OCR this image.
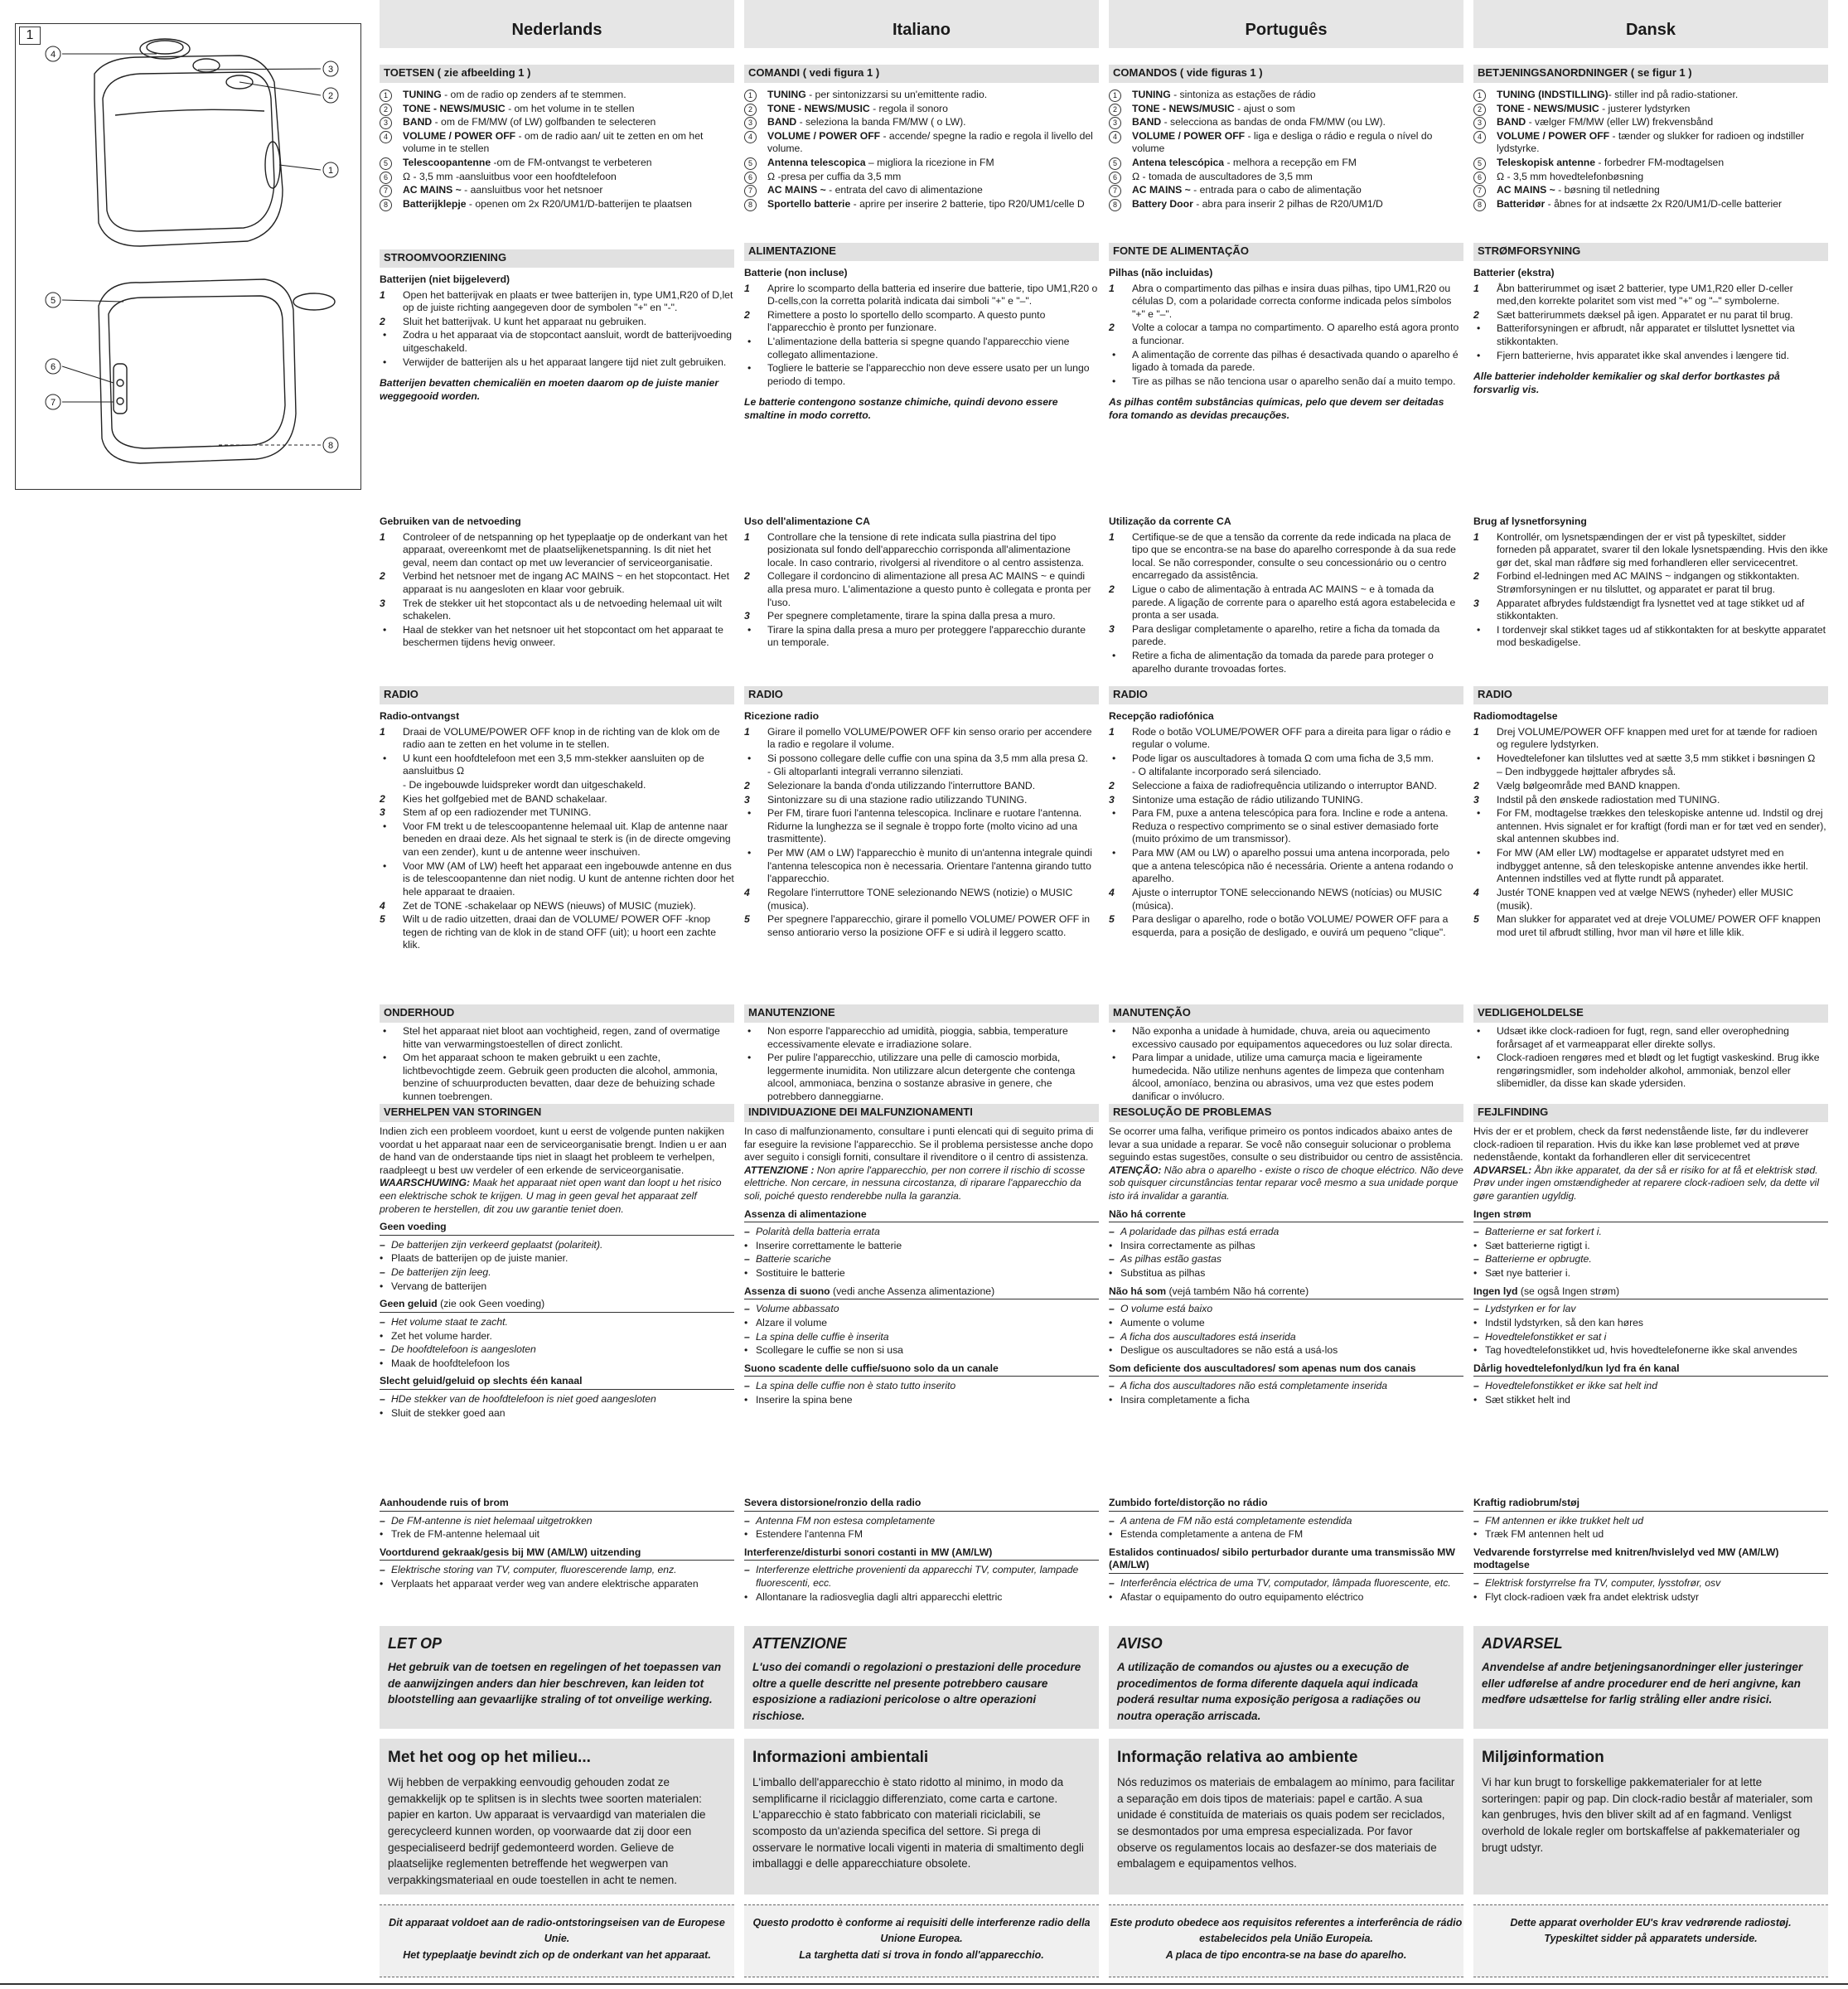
1
4
3
2
1
5
6
7
8
Nederlands
TOETSEN ( zie afbeelding 1 )
1	TUNING - om de radio op zenders af te stemmen.
2	TONE - NEWS/MUSIC - om het volume in te stellen
3	BAND - om de FM/MW (of LW) golfbanden te selecteren
4	VOLUME / POWER OFF - om de radio aan/ uit te zetten en om het volume in te stellen
5	Telescoopantenne -om de FM-ontvangst te verbeteren
6	Ω - 3,5 mm -aansluitbus voor een hoofdtelefoon
7	AC MAINS ~ - aansluitbus voor het netsnoer
8	Batterijklepje - openen om 2x R20/UM1/D-batterijen te plaatsen
STROOMVOORZIENING
Batterijen (niet bijgeleverd)
1	Open het batterijvak en plaats er twee batterijen in, type UM1,R20 of D,let op de juiste richting aangegeven door de symbolen "+" en "-".
2	Sluit het batterijvak. U kunt het apparaat nu gebruiken.
• Zodra u het apparaat via de stopcontact aansluit, wordt de batterijvoeding uitgeschakeld.
• Verwijder de batterijen als u het apparaat langere tijd niet zult gebruiken.
Batterijen bevatten chemicaliën en moeten daarom op de juiste manier weggegooid worden.
Gebruiken van de netvoeding
1	Controleer of de netspanning op het typeplaatje op de onderkant van het apparaat, overeenkomt met de plaatselijkenetspanning. Is dit niet het geval, neem dan contact op met uw leverancier of serviceorganisatie.
2	Verbind het netsnoer met de ingang AC MAINS ~ en het stopcontact. Het apparaat is nu aangesloten en klaar voor gebruik.
3	Trek de stekker uit het stopcontact als u de netvoeding helemaal uit wilt schakelen.
• Haal de stekker van het netsnoer uit het stopcontact om het apparaat te beschermen tijdens hevig onweer.
RADIO
Radio-ontvangst
1	Draai de VOLUME/POWER OFF knop in de richting van de klok om de radio aan te zetten en het volume in te stellen.
• U kunt een hoofdtelefoon met een 3,5 mm-stekker aansluiten op de aansluitbus Ω
- De ingebouwde luidspreker wordt dan uitgeschakeld.
2	Kies het golfgebied met de BAND schakelaar.
3	Stem af op een radiozender met TUNING.
• Voor FM trekt u de telescoopantenne helemaal uit. Klap de antenne naar beneden en draai deze. Als het signaal te sterk is (in de directe omgeving van een zender), kunt u de antenne weer inschuiven.
• Voor MW (AM of LW) heeft het apparaat een ingebouwde antenne en dus is de telescoopantenne dan niet nodig. U kunt de antenne richten door het hele apparaat te draaien.
4	Zet de TONE -schakelaar op NEWS (nieuws) of MUSIC (muziek).
5	Wilt u de radio uitzetten, draai dan de VOLUME/ POWER OFF -knop tegen de richting van de klok in de stand OFF (uit); u hoort een zachte klik.
ONDERHOUD
• Stel het apparaat niet bloot aan vochtigheid, regen, zand of overmatige hitte van verwarmingstoestellen of direct zonlicht.
• Om het apparaat schoon te maken gebruikt u een zachte, lichtbevochtigde zeem. Gebruik geen producten die alcohol, ammonia, benzine of schuurproducten bevatten, daar deze de behuizing schade kunnen toebrengen.
VERHELPEN VAN STORINGEN
Indien zich een probleem voordoet, kunt u eerst de volgende punten nakijken voordat u het apparaat naar een de serviceorganisatie brengt. Indien u er aan de hand van de onderstaande tips niet in slaagt het probleem te verhelpen, raadpleegt u best uw verdeler of een erkende de serviceorganisatie.
WAARSCHUWING: Maak het apparaat niet open want dan loopt u het risico een elektrische schok te krijgen. U mag in geen geval het apparaat zelf proberen te herstellen, dit zou uw garantie teniet doen.
Geen voeding
– De batterijen zijn verkeerd geplaatst (polariteit).
• Plaats de batterijen op de juiste manier.
– De batterijen zijn leeg.
• Vervang de batterijen
Geen geluid (zie ook Geen voeding)
– Het volume staat te zacht.
• Zet het volume harder.
– De hoofdtelefoon is aangesloten
• Maak de hoofdtelefoon los
Slecht geluid/geluid op slechts één kanaal
– HDe stekker van de hoofdtelefoon is niet goed aangesloten
• Sluit de stekker goed aan
Aanhoudende ruis of brom
– De FM-antenne is niet helemaal uitgetrokken
• Trek de FM-antenne helemaal uit
Voortdurend gekraak/gesis bij MW (AM/LW) uitzending
– Elektrische storing van TV, computer, fluorescerende lamp, enz.
• Verplaats het apparaat verder weg van andere elektrische apparaten
LET OP
Het gebruik van de toetsen en regelingen of het toepassen van de aanwijzingen anders dan hier beschreven, kan leiden tot blootstelling aan gevaarlijke straling of tot onveilige werking.
Met het oog op het milieu...
Wij hebben de verpakking eenvoudig gehouden zodat ze gemakkelijk op te splitsen is in slechts twee soorten materialen: papier en karton. Uw apparaat is vervaardigd van materialen die gerecycleerd kunnen worden, op voorwaarde dat zij door een gespecialiseerd bedrijf gedemonteerd worden. Gelieve de plaatselijke reglementen betreffende het wegwerpen van verpakkingsmateriaal en oude toestellen in acht te nemen.
Dit apparaat voldoet aan de radio-ontstoringseisen van de Europese Unie.
Het typeplaatje bevindt zich op de onderkant van het apparaat.
Italiano
COMANDI ( vedi figura 1 )
1	TUNING - per sintonizzarsi su un'emittente radio.
2	TONE - NEWS/MUSIC - regola il sonoro
3	BAND - seleziona la banda FM/MW ( o LW).
4	VOLUME / POWER OFF - accende/ spegne la radio e regola il livello del volume.
5	Antenna telescopica – migliora la ricezione in FM
6	Ω -presa per cuffia da 3,5 mm
7	AC MAINS ~ - entrata del cavo di alimentazione
8	Sportello batterie - aprire per inserire 2 batterie, tipo R20/UM1/celle D
ALIMENTAZIONE
Batterie (non incluse)
1	Aprire lo scomparto della batteria ed inserire due batterie, tipo UM1,R20 o D-cells,con la corretta polarità indicata dai simboli "+" e "–".
2	Rimettere a posto lo sportello dello scomparto. A questo punto l'apparecchio è pronto per funzionare.
• L'alimentazione della batteria si spegne quando l'apparecchio viene collegato allimentazione.
• Togliere le batterie se l'apparecchio non deve essere usato per un lungo periodo di tempo.
Le batterie contengono sostanze chimiche, quindi devono essere smaltine in modo corretto.
Uso dell'alimentazione CA
1	Controllare che la tensione di rete indicata sulla piastrina del tipo posizionata sul fondo dell'apparecchio corrisponda all'alimentazione locale. In caso contrario, rivolgersi al rivenditore o al centro assistenza.
2	Collegare il cordoncino di alimentazione all presa AC MAINS ~ e quindi alla presa muro. L'alimentazione a questo punto è collegata e pronta per l'uso.
3	Per spegnere completamente, tirare la spina dalla presa a muro.
• Tirare la spina dalla presa a muro per proteggere l'apparecchio durante un temporale.
RADIO
Ricezione radio
1	Girare il pomello VOLUME/POWER OFF kin senso orario per accendere la radio e regolare il volume.
• Si possono collegare delle cuffie con una spina da 3,5 mm alla presa Ω.
- Gli altoparlanti integrali verranno silenziati.
2	Selezionare la banda d'onda utilizzando l'interruttore BAND.
3	Sintonizzare su di una stazione radio utilizzando TUNING.
• Per FM, tirare fuori l'antenna telescopica. Inclinare e ruotare l'antenna. Ridurne la lunghezza se il segnale è troppo forte (molto vicino ad una trasmittente).
• Per MW (AM o LW) l'apparecchio è munito di un'antenna integrale quindi l'antenna telescopica non è necessaria. Orientare l'antenna girando tutto l'apparecchio.
4	Regolare l'interruttore TONE selezionando NEWS (notizie) o MUSIC (musica).
5	Per spegnere l'apparecchio, girare il pomello VOLUME/ POWER OFF in senso antiorario verso la posizione OFF e si udirà il leggero scatto.
MANUTENZIONE
• Non esporre l'apparecchio ad umidità, pioggia, sabbia, temperature eccessivamente elevate e irradiazione solare.
• Per pulire l'apparecchio, utilizzare una pelle di camoscio morbida, leggermente inumidita. Non utilizzare alcun detergente che contenga alcool, ammoniaca, benzina o sostanze abrasive in genere, che potrebbero danneggiarne.
INDIVIDUAZIONE DEI MALFUNZIONAMENTI
In caso di malfunzionamento, consultare i punti elencati qui di seguito prima di far eseguire la revisione l'apparecchio. Se il problema persistesse anche dopo aver seguito i consigli forniti, consultare il rivenditore o il centro di assistenza.
ATTENZIONE : Non aprire l'apparecchio, per non correre il rischio di scosse elettriche. Non cercare, in nessuna circostanza, di riparare l'apparecchio da soli, poiché questo renderebbe nulla la garanzia.
Assenza di alimentazione
– Polarità della batteria errata
• Inserire correttamente le batterie
– Batterie scariche
• Sostituire le batterie
Assenza di suono (vedi anche Assenza alimentazione)
– Volume abbassato
• Alzare il volume
– La spina delle cuffie è inserita
• Scollegare le cuffie se non si usa
Suono scadente delle cuffie/suono solo da un canale
– La spina delle cuffie non è stato tutto inserito
• Inserire la spina bene
Severa distorsione/ronzio della radio
– Antenna FM non estesa completamente
• Estendere l'antenna FM
Interferenze/disturbi sonori costanti in MW (AM/LW)
– Interferenze elettriche provenienti da apparecchi TV, computer, lampade fluorescenti, ecc.
• Allontanare la radiosveglia dagli altri apparecchi elettric
ATTENZIONE
L'uso dei comandi o regolazioni o prestazioni delle procedure oltre a quelle descritte nel presente potrebbero causare esposizione a radiazioni pericolose o altre operazioni rischiose.
Informazioni ambientali
L'imballo dell'apparecchio è stato ridotto al minimo, in modo da semplificarne il riciclaggio differenziato, come carta e cartone. L'apparecchio è stato fabbricato con materiali riciclabili, se scomposto da un'azienda specifica del settore. Si prega di osservare le normative locali vigenti in materia di smaltimento degli imballaggi e delle apparecchiature obsolete.
Questo prodotto è conforme ai requisiti delle interferenze radio della Unione Europea.
La targhetta dati si trova in fondo all'apparecchio.
Português
COMANDOS ( vide figuras 1 )
1	TUNING - sintoniza as estações de rádio
2	TONE - NEWS/MUSIC - ajust o som
3	BAND - selecciona as bandas de onda FM/MW (ou LW).
4	VOLUME / POWER OFF - liga e desliga o rádio e regula o nível do volume
5	Antena telescópica - melhora a recepção em FM
6	Ω - tomada de auscultadores de 3,5 mm
7	AC MAINS ~ - entrada para o cabo de alimentação
8	Battery Door - abra para inserir 2 pilhas de R20/UM1/D
FONTE DE ALIMENTAÇÃO
Pilhas (não incluidas)
1	Abra o compartimento das pilhas e insira duas pilhas, tipo UM1,R20 ou células D, com a polaridade correcta conforme indicada pelos símbolos "+" e "–".
2	Volte a colocar a tampa no compartimento. O aparelho está agora pronto a funcionar.
• A alimentação de corrente das pilhas é desactivada quando o aparelho é ligado à tomada da parede.
• Tire as pilhas se não tenciona usar o aparelho senão daí a muito tempo.
As pilhas contêm substâncias químicas, pelo que devem ser deitadas fora tomando as devidas precauções.
Utilização da corrente CA
1	Certifique-se de que a tensão da corrente da rede indicada na placa de tipo que se encontra-se na base do aparelho corresponde à da sua rede local. Se não corresponder, consulte o seu concessionário ou o centro encarregado da assistência.
2	Ligue o cabo de alimentação à entrada AC MAINS ~ e à tomada da parede. A ligação de corrente para o aparelho está agora estabelecida e pronta a ser usada.
3	Para desligar completamente o aparelho, retire a ficha da tomada da parede.
• Retire a ficha de alimentação da tomada da parede para proteger o aparelho durante trovoadas fortes.
RADIO
Recepção radiofónica
1	Rode o botão VOLUME/POWER OFF para a direita para ligar o rádio e regular o volume.
• Pode ligar os auscultadores à tomada Ω com uma ficha de 3,5 mm.
- O altifalante incorporado será silenciado.
2	Seleccione a faixa de radiofrequência utilizando o interruptor BAND.
3	Sintonize uma estação de rádio utilizando TUNING.
• Para FM, puxe a antena telescópica para fora. Incline e rode a antena. Reduza o respectivo comprimento se o sinal estiver demasiado forte (muito próximo de um transmissor).
• Para MW (AM ou LW) o aparelho possui uma antena incorporada, pelo que a antena telescópica não é necessária. Oriente a antena rodando o aparelho.
4	Ajuste o interruptor TONE seleccionando NEWS (notícias) ou MUSIC (música).
5	Para desligar o aparelho, rode o botão VOLUME/ POWER OFF para a esquerda, para a posição de desligado, e ouvirá um pequeno "clique".
MANUTENÇÃO
• Não exponha a unidade à humidade, chuva, areia ou aquecimento excessivo causado por equipamentos aquecedores ou luz solar directa.
• Para limpar a unidade, utilize uma camurça macia e ligeiramente humedecida. Não utilize nenhuns agentes de limpeza que contenham álcool, amoníaco, benzina ou abrasivos, uma vez que estes podem danificar o invólucro.
RESOLUÇÃO DE PROBLEMAS
Se ocorrer uma falha, verifique primeiro os pontos indicados abaixo antes de levar a sua unidade a reparar. Se você não conseguir solucionar o problema seguindo estas sugestões, consulte o seu distribuidor ou centro de assistência.
ATENÇÃO: Não abra o aparelho - existe o risco de choque eléctrico. Não deve sob quisquer circunstâncias tentar reparar você mesmo a sua unidade porque isto irá invalidar a garantia.
Não há corrente
– A polaridade das pilhas está errada
• Insira correctamente as pilhas
– As pilhas estão gastas
• Substitua as pilhas
Não há som (vejá também Não há corrente)
– O volume está baixo
• Aumente o volume
– A ficha dos auscultadores está inserida
• Desligue os auscultadores se não está a usá-los
Som deficiente dos auscultadores/ som apenas num dos canais
– A ficha dos auscultadores não está completamente inserida
• Insira completamente a ficha
Zumbido forte/distorção no rádio
– A antena de FM não está completamente estendida
• Estenda completamente a antena de FM
Estalidos continuados/ sibilo perturbador durante uma transmissão MW (AM/LW)
– Interferência eléctrica de uma TV, computador, lâmpada fluorescente, etc.
• Afastar o equipamento do outro equipamento eléctrico
AVISO
A utilização de comandos ou ajustes ou a execução de procedimentos de forma diferente daquela aqui indicada poderá resultar numa exposição perigosa a radiações ou noutra operação arriscada.
Informação relativa ao ambiente
Nós reduzimos os materiais de embalagem ao mínimo, para facilitar a separação em dois tipos de materiais: papel e cartão. A sua unidade é constituída de materiais os quais podem ser reciclados, se desmontados por uma empresa especializada. Por favor observe os regulamentos locais ao desfazer-se dos materiais de embalagem e equipamentos velhos.
Este produto obedece aos requisitos referentes a interferência de rádio estabelecidos pela União Europeia.
A placa de tipo encontra-se na base do aparelho.
Dansk
BETJENINGSANORDNINGER ( se figur 1 )
1	TUNING (INDSTILLING)- stiller ind på radio-stationer.
2	TONE - NEWS/MUSIC - justerer lydstyrken
3	BAND - vælger FM/MW (eller LW) frekvensbånd
4	VOLUME / POWER OFF - tænder og slukker for radioen og indstiller lydstyrke.
5	Teleskopisk antenne - forbedrer FM-modtagelsen
6	Ω - 3,5 mm hovedtelefonbøsning
7	AC MAINS ~ - bøsning til netledning
8	Batteridør - åbnes for at indsætte 2x R20/UM1/D-celle batterier
STRØMFORSYNING
Batterier (ekstra)
1	Åbn batterirummet og isæt 2 batterier, type UM1,R20 eller D-celler med,den korrekte polaritet som vist med "+" og "–" symbolerne.
2	Sæt batterirummets dæksel på igen. Apparatet er nu parat til brug.
• Batteriforsyningen er afbrudt, når apparatet er tilsluttet lysnettet via stikkontakten.
• Fjern batterierne, hvis apparatet ikke skal anvendes i længere tid.
Alle batterier indeholder kemikalier og skal derfor bortkastes på forsvarlig vis.
Brug af lysnetforsyning
1	Kontrollér, om lysnetspændingen der er vist på typeskiltet, sidder forneden på apparatet, svarer til den lokale lysnetspænding. Hvis den ikke gør det, skal man rådføre sig med forhandleren eller servicecentret.
2	Forbind el-ledningen med AC MAINS ~ indgangen og stikkontakten. Strømforsyningen er nu tilsluttet, og apparatet er parat til brug.
3	Apparatet afbrydes fuldstændigt fra lysnettet ved at tage stikket ud af stikkontakten.
• I tordenvejr skal stikket tages ud af stikkontakten for at beskytte apparatet mod beskadigelse.
RADIO
Radiomodtagelse
1	Drej VOLUME/POWER OFF knappen med uret for at tænde for radioen og regulere lydstyrken.
• Hovedtelefoner kan tilsluttes ved at sætte 3,5 mm stikket i bøsningen Ω
– Den indbyggede højttaler afbrydes så.
2	Vælg bølgeområde med BAND knappen.
3	Indstil på den ønskede radiostation med TUNING.
• For FM, modtagelse trækkes den teleskopiske antenne ud. Indstil og drej antennen. Hvis signalet er for kraftigt (fordi man er for tæt ved en sender), skal antennen skubbes ind.
• For MW (AM eller LW) modtagelse er apparatet udstyret med en indbygget antenne, så den teleskopiske antenne anvendes ikke hertil. Antennen indstilles ved at flytte rundt på apparatet.
4	Justér TONE knappen ved at vælge NEWS (nyheder) eller MUSIC (musik).
5	Man slukker for apparatet ved at dreje VOLUME/ POWER OFF knappen mod uret til afbrudt stilling, hvor man vil høre et lille klik.
VEDLIGEHOLDELSE
• Udsæt ikke clock-radioen for fugt, regn, sand eller overophedning forårsaget af et varmeapparat eller direkte sollys.
• Clock-radioen rengøres med et blødt og let fugtigt vaskeskind. Brug ikke rengøringsmidler, som indeholder alkohol, ammoniak, benzol eller slibemidler, da disse kan skade ydersiden.
FEJLFINDING
Hvis der er et problem, check da først nedenstående liste, før du indleverer clock-radioen til reparation. Hvis du ikke kan løse problemet ved at prøve nedenstående, kontakt da forhandleren eller dit servicecentret
ADVARSEL: Åbn ikke apparatet, da der så er risiko for at få et elektrisk stød. Prøv under ingen omstændigheder at reparere clock-radioen selv, da dette vil gøre garantien ugyldig.
Ingen strøm
– Batterierne er sat forkert i.
• Sæt batterierne rigtigt i.
– Batterierne er opbrugte.
• Sæt nye batterier i.
Ingen lyd (se også Ingen strøm)
– Lydstyrken er for lav
• Indstil lydstyrken, så den kan høres
– Hovedtelefonstikket er sat i
• Tag hovedtelefonstikket ud, hvis hovedtelefonerne ikke skal anvendes
Dårlig hovedtelefonlyd/kun lyd fra én kanal
– Hovedtelefonstikket er ikke sat helt ind
• Sæt stikket helt ind
Kraftig radiobrum/støj
– FM antennen er ikke trukket helt ud
• Træk FM antennen helt ud
Vedvarende forstyrrelse med knitren/hvislelyd ved MW (AM/LW) modtagelse
– Elektrisk forstyrrelse fra TV, computer, lysstofrør, osv
• Flyt clock-radioen væk fra andet elektrisk udstyr
ADVARSEL
Anvendelse af andre betjeningsanordninger eller justeringer eller udførelse af andre procedurer end de heri angivne, kan medføre udsættelse for farlig stråling eller andre risici.
Miljøinformation
Vi har kun brugt to forskellige pakkematerialer for at lette sorteringen: papir og pap. Din clock-radio består af materialer, som kan genbruges, hvis den bliver skilt ad af en fagmand. Venligst overhold de lokale regler om bortskaffelse af pakkematerialer og brugt udstyr.
Dette apparat overholder EU's krav vedrørende radiostøj.
Typeskiltet sidder på apparatets underside.
